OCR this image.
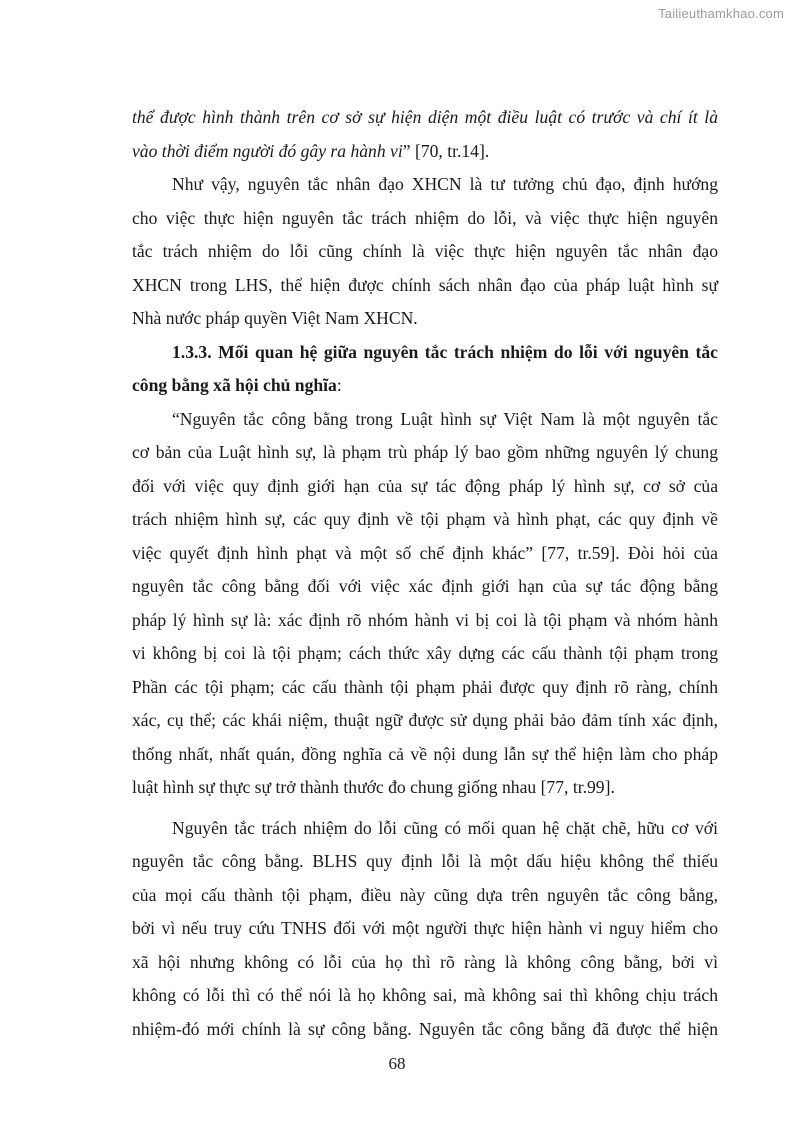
Tailieuthamkhao.com
thể được hình thành trên cơ sở sự hiện diện một điều luật có trước và chí ít là
vào thời điểm người đó gây ra hành vi” [70, tr.14].
Như vậy, nguyên tắc nhân đạo XHCN là tư tưởng chủ đạo, định hướng
cho việc thực hiện nguyên tắc trách nhiệm do lỗi, và việc thực hiện nguyên
tắc trách nhiệm do lỗi cũng chính là việc thực hiện nguyên tắc nhân đạo
XHCN trong LHS, thể hiện được chính sách nhân đạo của pháp luật hình sự
Nhà nước pháp quyền Việt Nam XHCN.
1.3.3. Mối quan hệ giữa nguyên tắc trách nhiệm do lỗi với nguyên tắc
công bằng xã hội chủ nghĩa:
“Nguyên tắc công bằng trong Luật hình sự Việt Nam là một nguyên tắc
cơ bản của Luật hình sự, là phạm trù pháp lý bao gồm những nguyên lý chung
đối với việc quy định giới hạn của sự tác động pháp lý hình sự, cơ sở của
trách nhiệm hình sự, các quy định về tội phạm và hình phạt, các quy định về
việc quyết định hình phạt và một số chế định khác” [77, tr.59]. Đòi hỏi của
nguyên tắc công bằng đối với việc xác định giới hạn của sự tác động bằng
pháp lý hình sự là: xác định rõ nhóm hành vi bị coi là tội phạm và nhóm hành
vi không bị coi là tội phạm; cách thức xây dựng các cấu thành tội phạm trong
Phần các tội phạm; các cấu thành tội phạm phải được quy định rõ ràng, chính
xác, cụ thể; các khái niệm, thuật ngữ được sử dụng phải bảo đảm tính xác định,
thống nhất, nhất quán, đồng nghĩa cả về nội dung lẫn sự thể hiện làm cho pháp
luật hình sự thực sự trở thành thước đo chung giống nhau [77, tr.99].
Nguyên tắc trách nhiệm do lỗi cũng có mối quan hệ chặt chẽ, hữu cơ với
nguyên tắc công bằng. BLHS quy định lỗi là một dấu hiệu không thể thiếu
của mọi cấu thành tội phạm, điều này cũng dựa trên nguyên tắc công bằng,
bởi vì nếu truy cứu TNHS đối với một người thực hiện hành vi nguy hiểm cho
xã hội nhưng không có lỗi của họ thì rõ ràng là không công bằng, bởi vì
không có lỗi thì có thể nói là họ không sai, mà không sai thì không chịu trách
nhiệm-đó mới chính là sự công bằng. Nguyên tắc công bằng đã được thể hiện
68
